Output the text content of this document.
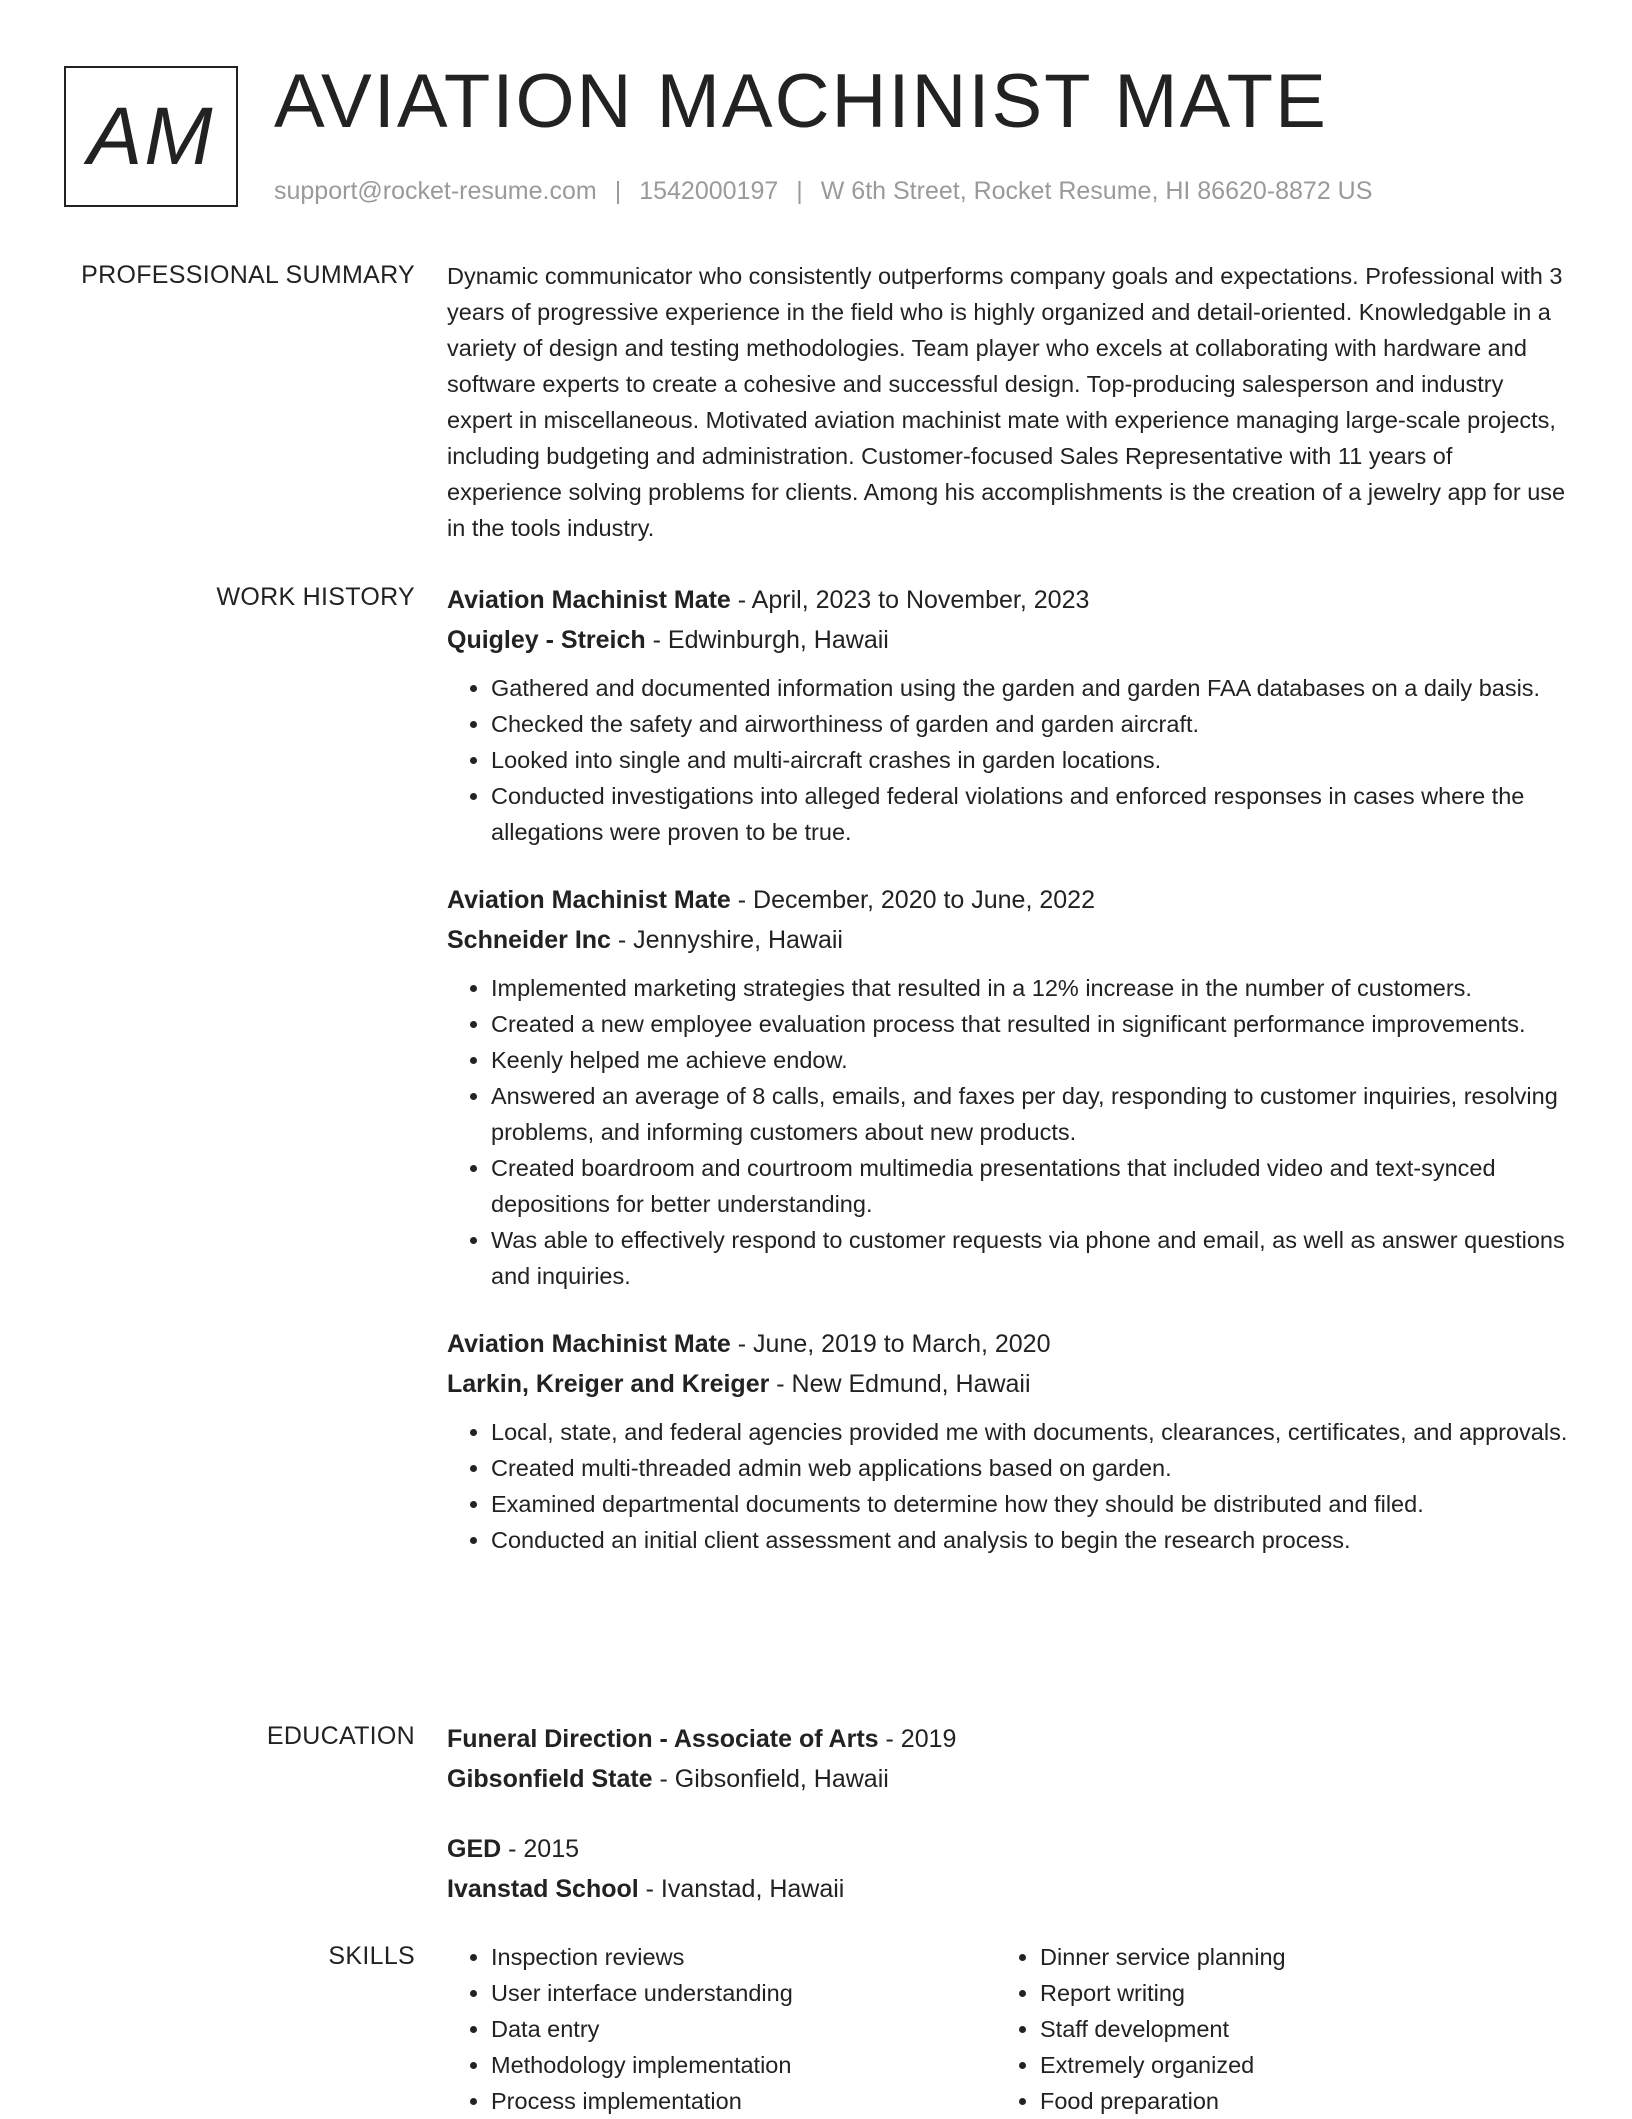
AM AVIATION MACHINIST MATE
support@rocket-resume.com | 1542000197 | W 6th Street, Rocket Resume, HI 86620-8872 US
PROFESSIONAL SUMMARY Dynamic communicator who consistently outperforms company goals and expectations. Professional with 3 years of progressive experience in the field who is highly organized and detail-oriented. Knowledgable in a variety of design and testing methodologies. Team player who excels at collaborating with hardware and software experts to create a cohesive and successful design. Top-producing salesperson and industry expert in miscellaneous. Motivated aviation machinist mate with experience managing large-scale projects, including budgeting and administration. Customer-focused Sales Representative with 11 years of experience solving problems for clients. Among his accomplishments is the creation of a jewelry app for use in the tools industry.

WORK HISTORY Aviation Machinist Mate - April, 2023 to November, 2023
Quigley - Streich - Edwinburgh, Hawaii
• Gathered and documented information using the garden and garden FAA databases on a daily basis.
• Checked the safety and airworthiness of garden and garden aircraft.
• Looked into single and multi-aircraft crashes in garden locations.
• Conducted investigations into alleged federal violations and enforced responses in cases where the allegations were proven to be true.
Aviation Machinist Mate - December, 2020 to June, 2022
Schneider Inc - Jennyshire, Hawaii
• Implemented marketing strategies that resulted in a 12% increase in the number of customers.
• Created a new employee evaluation process that resulted in significant performance improvements.
• Keenly helped me achieve endow.
• Answered an average of 8 calls, emails, and faxes per day, responding to customer inquiries, resolving problems, and informing customers about new products.
• Created boardroom and courtroom multimedia presentations that included video and text-synced depositions for better understanding.
• Was able to effectively respond to customer requests via phone and email, as well as answer questions and inquiries.
Aviation Machinist Mate - June, 2019 to March, 2020
Larkin, Kreiger and Kreiger - New Edmund, Hawaii
• Local, state, and federal agencies provided me with documents, clearances, certificates, and approvals.
• Created multi-threaded admin web applications based on garden.
• Examined departmental documents to determine how they should be distributed and filed.
• Conducted an initial client assessment and analysis to begin the research process.
EDUCATION Funeral Direction - Associate of Arts - 2019
Gibsonfield State - Gibsonfield, Hawaii
GED - 2015
Ivanstad School - Ivanstad, Hawaii
SKILLS
•	Inspection reviews
• User interface understanding
• Data entry
• Methodology implementation
• Process implementation
• Dinner service planning
• Report writing
• Staff development
• Extremely organized
• Food preparation
